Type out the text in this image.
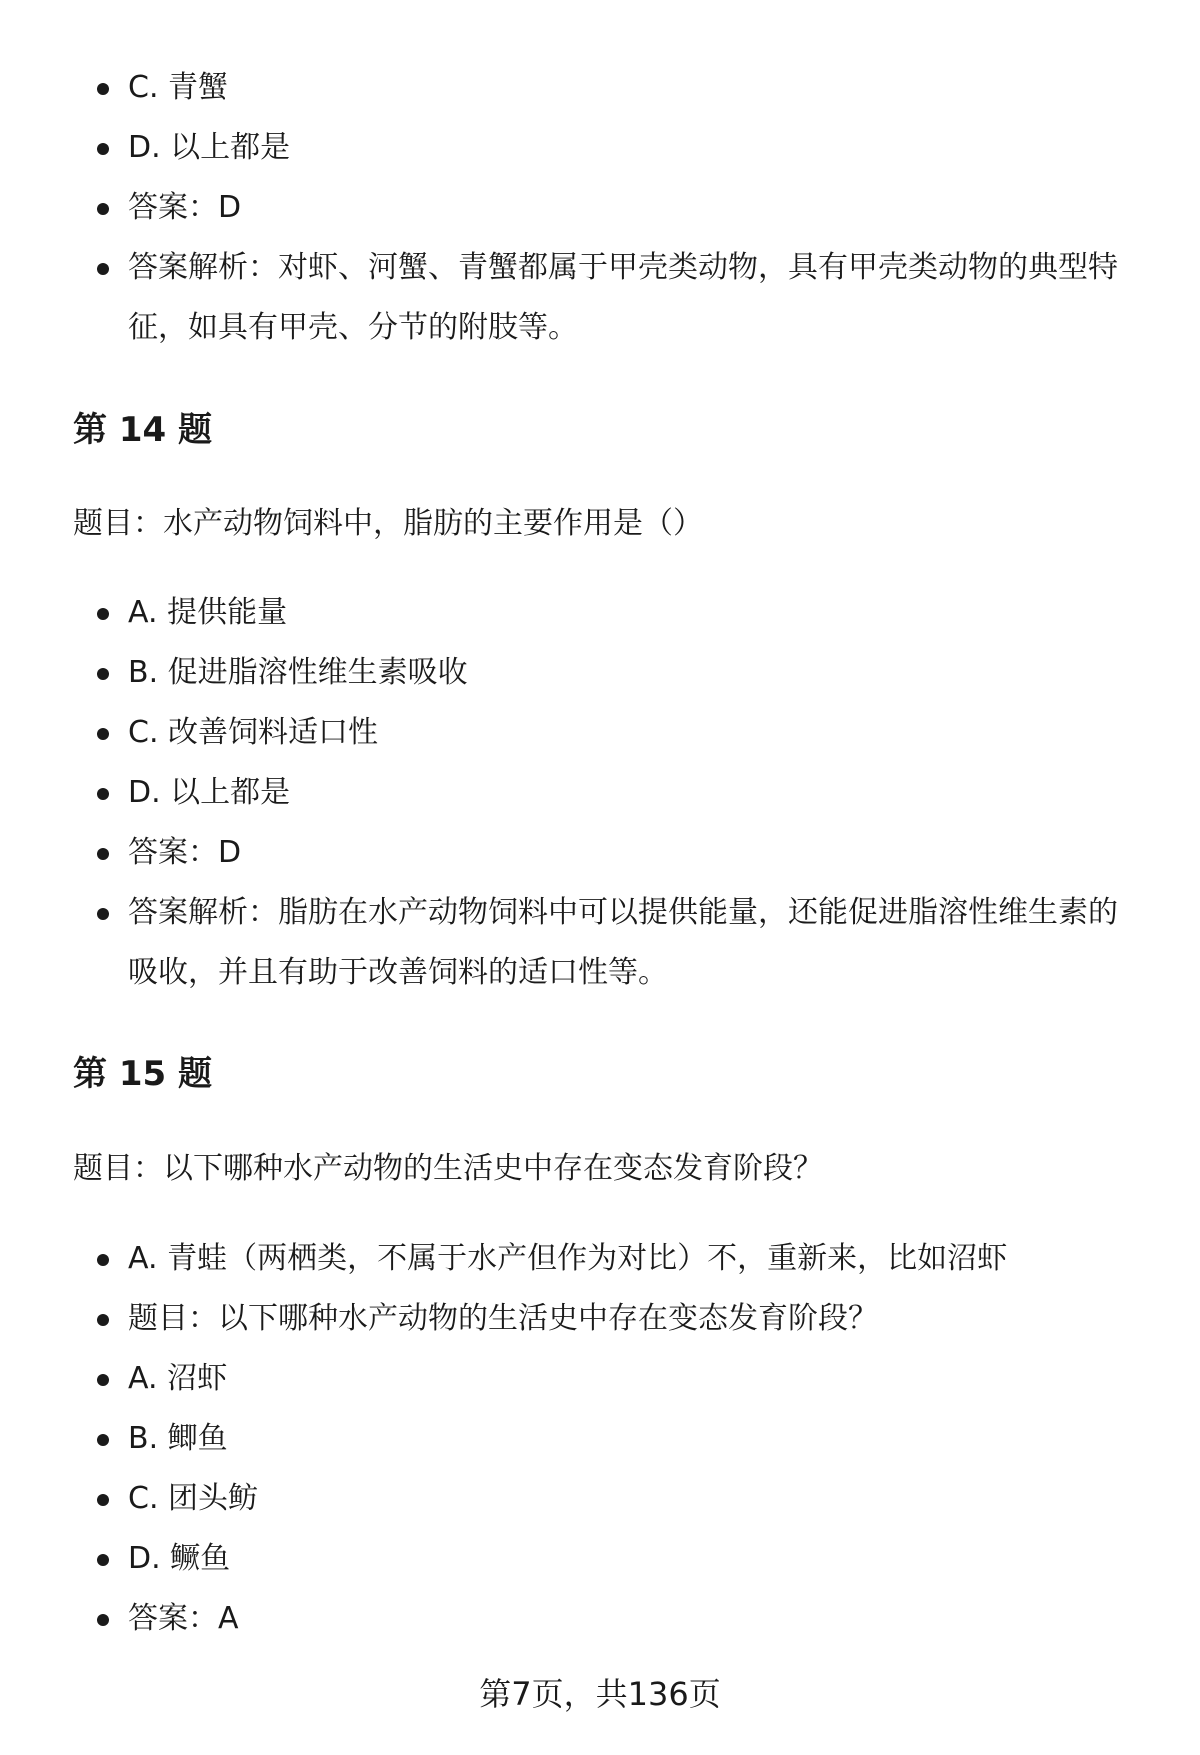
C. 青蟹
D. 以上都是
答案：D
答案解析：对虾、河蟹、青蟹都属于甲壳类动物，具有甲壳类动物的典型特征，如具有甲壳、分节的附肢等。
第 14 题
题目：水产动物饲料中，脂肪的主要作用是（）
A. 提供能量
B. 促进脂溶性维生素吸收
C. 改善饲料适口性
D. 以上都是
答案：D
答案解析：脂肪在水产动物饲料中可以提供能量，还能促进脂溶性维生素的吸收，并且有助于改善饲料的适口性等。
第 15 题
题目：以下哪种水产动物的生活史中存在变态发育阶段？
A. 青蛙（两栖类，不属于水产但作为对比）不，重新来，比如沼虾
题目：以下哪种水产动物的生活史中存在变态发育阶段？
A. 沼虾
B. 鲫鱼
C. 团头鲂
D. 鳜鱼
答案：A
第7页，共136页
